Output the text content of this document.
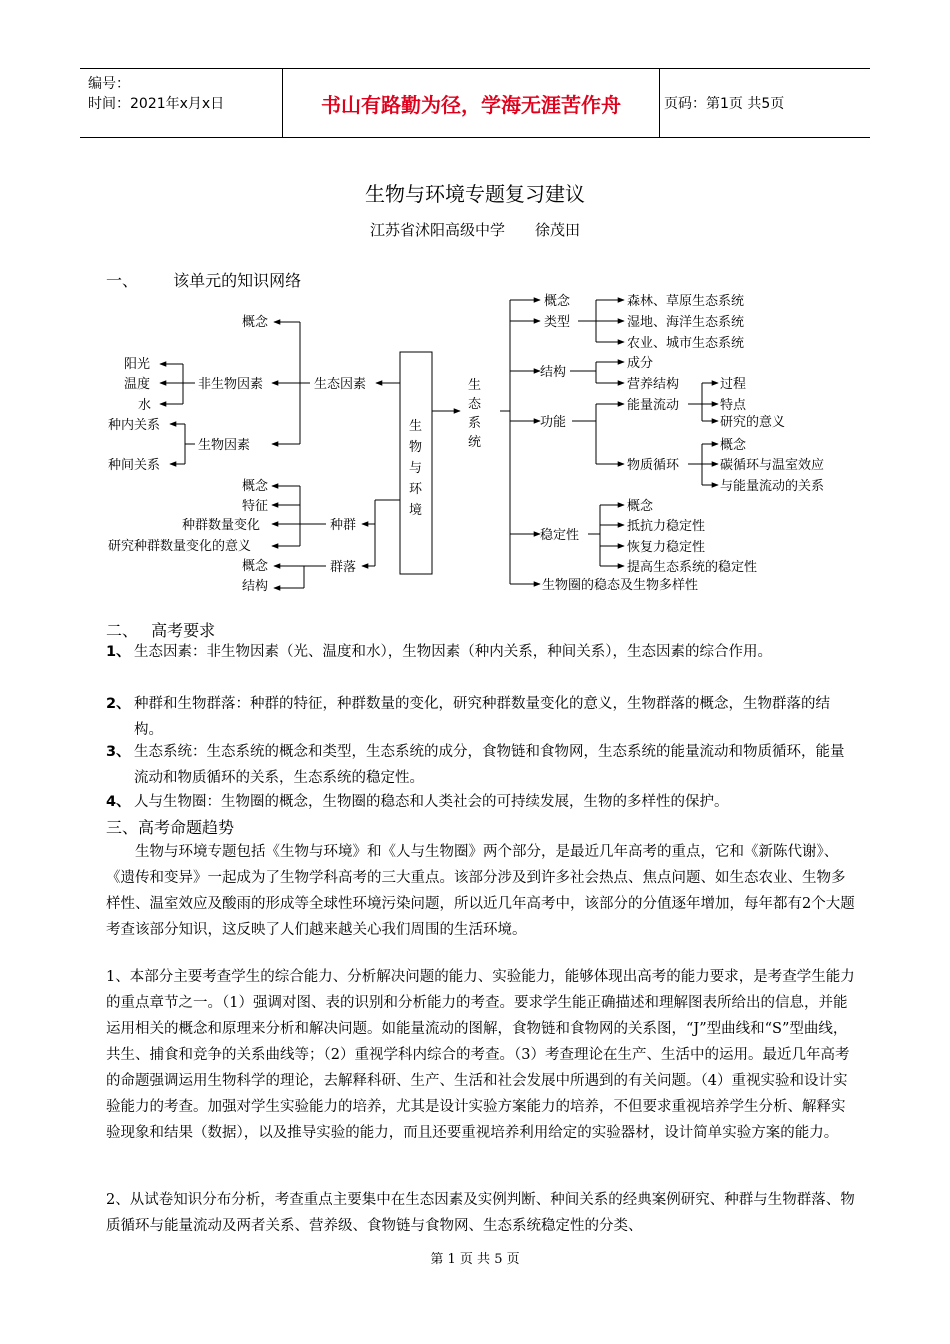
编号：
时间：2021年x月x日	书山有路勤为径，学海无涯苦作舟	页码：第1页 共5页
生物与环境专题复习建议
江苏省沭阳高级中学　　徐茂田
一、 该单元的知识网络
生
物
与
环
境
生
态
系
统
生态因素
概念
非生物因素
生物因素
阳光
温度
水
种内关系
种间关系
种群
群落
概念
特征
种群数量变化
研究种群数量变化的意义
概念
结构
概念
类型
森林、草原生态系统
湿地、海洋生态系统
农业、城市生态系统
结构
成分
营养结构
功能
能量流动
过程
特点
研究的意义
物质循环
概念
碳循环与温室效应
与能量流动的关系
稳定性
概念
抵抗力稳定性
恢复力稳定性
提高生态系统的稳定性
生物圈的稳态及生物多样性
二、 高考要求
1、 生态因素：非生物因素（光、温度和水），生物因素（种内关系，种间关系），生态因素的综合作用。
2、 种群和生物群落：种群的特征，种群数量的变化，研究种群数量变化的意义，生物群落的概念，生物群落的结构。
3、 生态系统：生态系统的概念和类型，生态系统的成分，食物链和食物网，生态系统的能量流动和物质循环，能量流动和物质循环的关系，生态系统的稳定性。
4、 人与生物圈：生物圈的概念，生物圈的稳态和人类社会的可持续发展，生物的多样性的保护。
三、高考命题趋势
　　生物与环境专题包括《生物与环境》和《人与生物圈》两个部分，是最近几年高考的重点，它和《新陈代谢》、《遗传和变异》一起成为了生物学科高考的三大重点。该部分涉及到许多社会热点、焦点问题、如生态农业、生物多样性、温室效应及酸雨的形成等全球性环境污染问题，所以近几年高考中，该部分的分值逐年增加，每年都有2个大题考查该部分知识，这反映了人们越来越关心我们周围的生活环境。
1、本部分主要考查学生的综合能力、分析解决问题的能力、实验能力，能够体现出高考的能力要求，是考查学生能力的重点章节之一。（1）强调对图、表的识别和分析能力的考查。要求学生能正确描述和理解图表所给出的信息，并能运用相关的概念和原理来分析和解决问题。如能量流动的图解，食物链和食物网的关系图，“J”型曲线和“S”型曲线，共生、捕食和竞争的关系曲线等；（2）重视学科内综合的考查。（3）考查理论在生产、生活中的运用。最近几年高考的命题强调运用生物科学的理论，去解释科研、生产、生活和社会发展中所遇到的有关问题。（4）重视实验和设计实验能力的考查。加强对学生实验能力的培养，尤其是设计实验方案能力的培养，不但要求重视培养学生分析、解释实验现象和结果（数据），以及推导实验的能力，而且还要重视培养利用给定的实验器材，设计简单实验方案的能力。
2、从试卷知识分布分析，考查重点主要集中在生态因素及实例判断、种间关系的经典案例研究、种群与生物群落、物质循环与能量流动及两者关系、营养级、食物链与食物网、生态系统稳定性的分类、
第 1 页 共 5 页
